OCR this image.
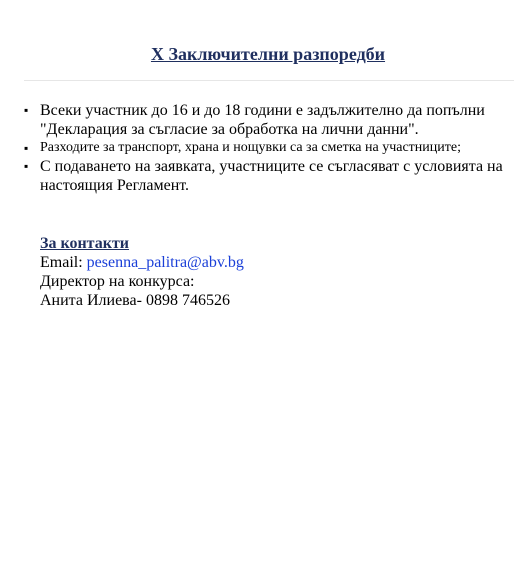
X Заключителни разпоредби
▪ Всеки участник до 16 и до 18 години е задължително да попълни "Декларация за съгласие за обработка на лични данни".
▪ Разходите за транспорт, храна и нощувки са за сметка на участниците;
▪ С подаването на заявката, участниците се съгласяват с условията на настоящия Регламент.
За контакти
Email: pesenna_palitra@abv.bg
Директор на конкурса:
Анита Илиева- 0898 746526
